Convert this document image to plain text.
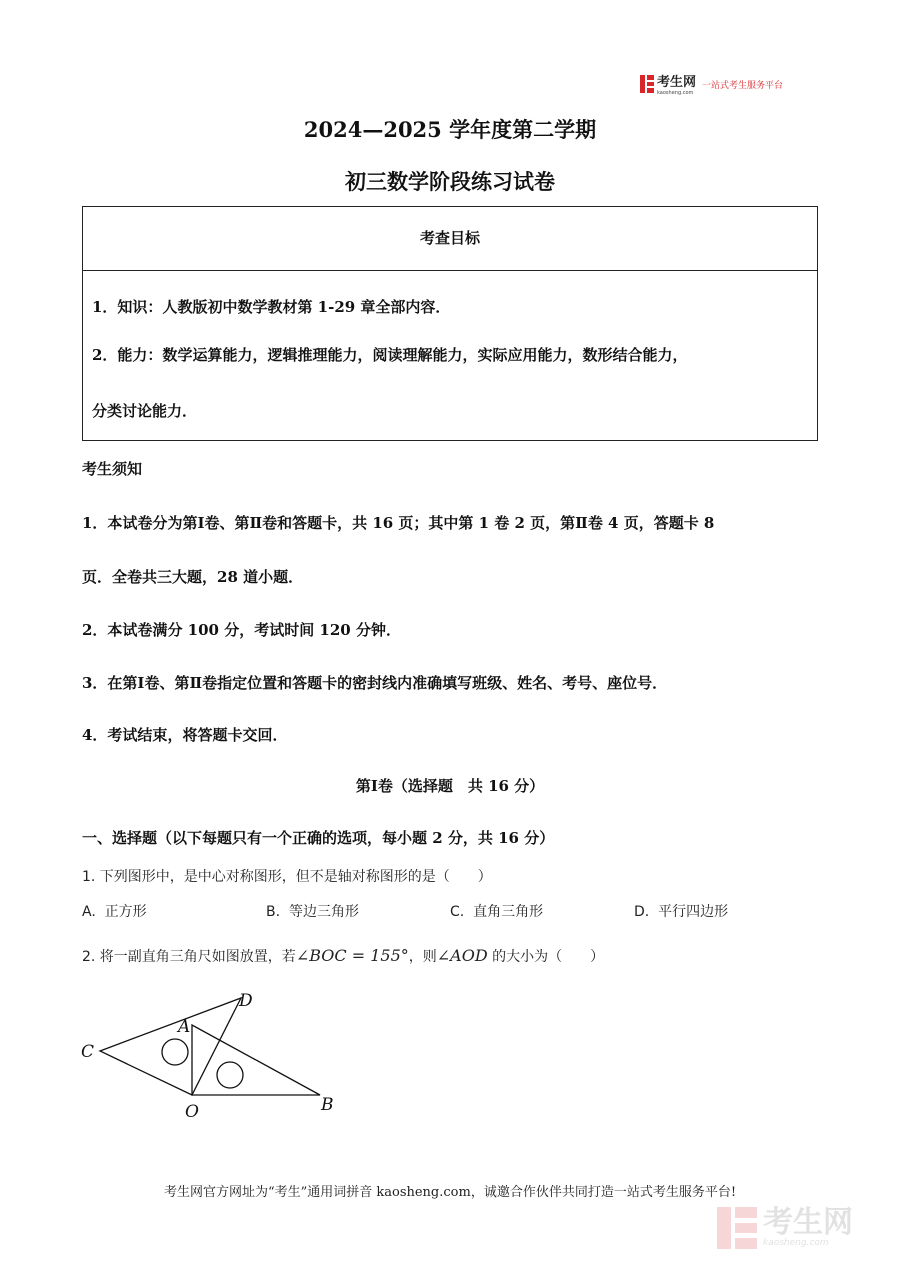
考生网
kaosheng.com
一站式考生服务平台
2024—2025 学年度第二学期
初三数学阶段练习试卷
考查目标
1．知识：人教版初中数学教材第 1-29 章全部内容．
2．能力：数学运算能力，逻辑推理能力，阅读理解能力，实际应用能力，数形结合能力，
分类讨论能力．
考生须知
1．本试卷分为第Ⅰ卷、第Ⅱ卷和答题卡，共 16 页；其中第 1 卷 2 页，第Ⅱ卷 4 页，答题卡 8
页．全卷共三大题，28 道小题．
2．本试卷满分 100 分，考试时间 120 分钟．
3．在第Ⅰ卷、第Ⅱ卷指定位置和答题卡的密封线内准确填写班级、姓名、考号、座位号．
4．考试结束，将答题卡交回．
第Ⅰ卷（选择题　共 16 分）
一、选择题（以下每题只有一个正确的选项，每小题 2 分，共 16 分）
1. 下列图形中，是中心对称图形，但不是轴对称图形的是（　　）
A. 正方形	B. 等边三角形	C. 直角三角形	D. 平行四边形
2. 将一副直角三角尺如图放置，若∠BOC = 155°，则∠AOD 的大小为（　　）
C
D
A
O	B
考生网官方网址为“考生”通用词拼音 kaosheng.com，诚邀合作伙伴共同打造一站式考生服务平台!
考生网
kaosheng.com
